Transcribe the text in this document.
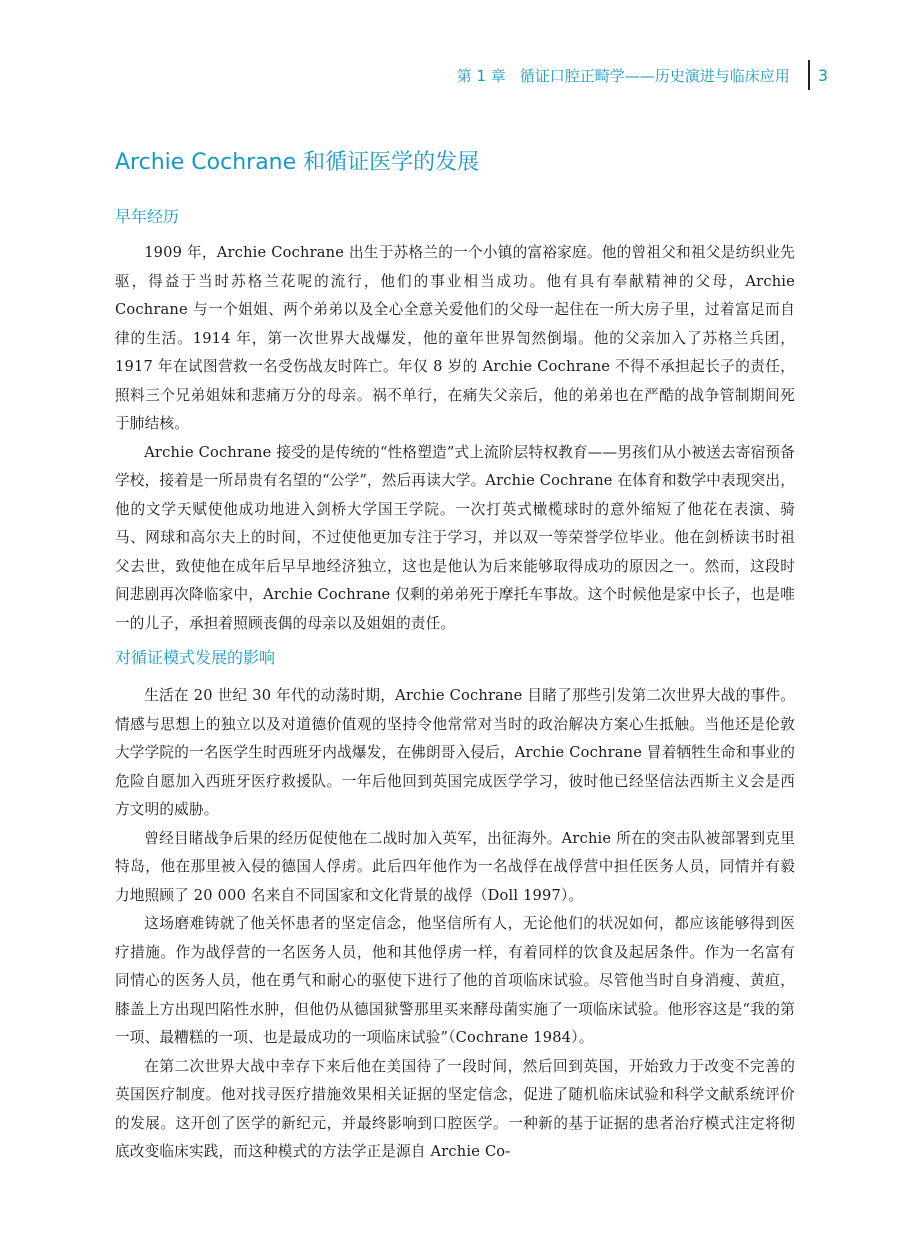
第 1 章 循证口腔正畸学——历史演进与临床应用 3
Archie Cochrane 和循证医学的发展
早年经历

1909 年，Archie Cochrane 出生于苏格兰的一个小镇的富裕家庭。他的曾祖父和祖父是纺织业先驱，得益于当时苏格兰花呢的流行，他们的事业相当成功。他有具有奉献精神的父母，Archie Cochrane 与一个姐姐、两个弟弟以及全心全意关爱他们的父母一起住在一所大房子里，过着富足而自律的生活。1914 年，第一次世界大战爆发，他的童年世界訇然倒塌。他的父亲加入了苏格兰兵团，1917 年在试图营救一名受伤战友时阵亡。年仅 8 岁的 Archie Cochrane 不得不承担起长子的责任，照料三个兄弟姐妹和悲痛万分的母亲。祸不单行，在痛失父亲后，他的弟弟也在严酷的战争管制期间死于肺结核。

Archie Cochrane 接受的是传统的“性格塑造”式上流阶层特权教育——男孩们从小被送去寄宿预备学校，接着是一所昂贵有名望的“公学”，然后再读大学。Archie Cochrane 在体育和数学中表现突出，他的文学天赋使他成功地进入剑桥大学国王学院。一次打英式橄榄球时的意外缩短了他花在表演、骑马、网球和高尔夫上的时间，不过使他更加专注于学习，并以双一等荣誉学位毕业。他在剑桥读书时祖父去世，致使他在成年后早早地经济独立，这也是他认为后来能够取得成功的原因之一。然而，这段时间悲剧再次降临家中，Archie Cochrane 仅剩的弟弟死于摩托车事故。这个时候他是家中长子，也是唯一的儿子，承担着照顾丧偶的母亲以及姐姐的责任。

对循证模式发展的影响

生活在 20 世纪 30 年代的动荡时期，Archie Cochrane 目睹了那些引发第二次世界大战的事件。情感与思想上的独立以及对道德价值观的坚持令他常常对当时的政治解决方案心生抵触。当他还是伦敦大学学院的一名医学生时西班牙内战爆发，在佛朗哥入侵后，Archie Cochrane 冒着牺牲生命和事业的危险自愿加入西班牙医疗救援队。一年后他回到英国完成医学学习，彼时他已经坚信法西斯主义会是西方文明的威胁。

曾经目睹战争后果的经历促使他在二战时加入英军，出征海外。Archie 所在的突击队被部署到克里特岛，他在那里被入侵的德国人俘虏。此后四年他作为一名战俘在战俘营中担任医务人员，同情并有毅力地照顾了 20 000 名来自不同国家和文化背景的战俘（Doll 1997）。

这场磨难铸就了他关怀患者的坚定信念，他坚信所有人，无论他们的状况如何，都应该能够得到医疗措施。作为战俘营的一名医务人员，他和其他俘虏一样，有着同样的饮食及起居条件。作为一名富有同情心的医务人员，他在勇气和耐心的驱使下进行了他的首项临床试验。尽管他当时自身消瘦、黄疸，膝盖上方出现凹陷性水肿，但他仍从德国狱警那里买来酵母菌实施了一项临床试验。他形容这是“我的第一项、最糟糕的一项、也是最成功的一项临床试验”（Cochrane 1984）。

在第二次世界大战中幸存下来后他在美国待了一段时间，然后回到英国，开始致力于改变不完善的英国医疗制度。他对找寻医疗措施效果相关证据的坚定信念，促进了随机临床试验和科学文献系统评价的发展。这开创了医学的新纪元，并最终影响到口腔医学。一种新的基于证据的患者治疗模式注定将彻底改变临床实践，而这种模式的方法学正是源自 Archie Co-
